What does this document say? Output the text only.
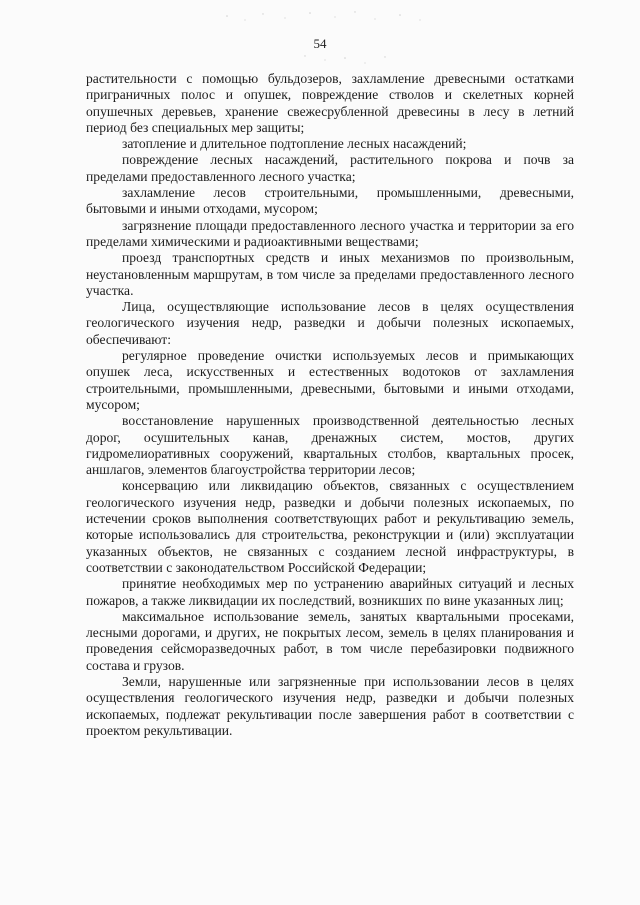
54

растительности с помощью бульдозеров, захламление древесными остатками приграничных полос и опушек, повреждение стволов и скелетных корней опушечных деревьев, хранение свежесрубленной древесины в лесу в летний период без специальных мер защиты;

затопление и длительное подтопление лесных насаждений;

повреждение лесных насаждений, растительного покрова и почв за пределами предоставленного лесного участка;

захламление лесов строительными, промышленными, древесными, бытовыми и иными отходами, мусором;

загрязнение площади предоставленного лесного участка и территории за его пределами химическими и радиоактивными веществами;

проезд транспортных средств и иных механизмов по произвольным, неустановленным маршрутам, в том числе за пределами предоставленного лесного участка.

Лица, осуществляющие использование лесов в целях осуществления геологического изучения недр, разведки и добычи полезных ископаемых, обеспечивают:

регулярное проведение очистки используемых лесов и примыкающих опушек леса, искусственных и естественных водотоков от захламления строительными, промышленными, древесными, бытовыми и иными отходами, мусором;

восстановление нарушенных производственной деятельностью лесных дорог, осушительных канав, дренажных систем, мостов, других гидромелиоративных сооружений, квартальных столбов, квартальных просек, аншлагов, элементов благоустройства территории лесов;

консервацию или ликвидацию объектов, связанных с осуществлением геологического изучения недр, разведки и добычи полезных ископаемых, по истечении сроков выполнения соответствующих работ и рекультивацию земель, которые использовались для строительства, реконструкции и (или) эксплуатации указанных объектов, не связанных с созданием лесной инфраструктуры, в соответствии с законодательством Российской Федерации;

принятие необходимых мер по устранению аварийных ситуаций и лесных пожаров, а также ликвидации их последствий, возникших по вине указанных лиц;

максимальное использование земель, занятых квартальными просеками, лесными дорогами, и других, не покрытых лесом, земель в целях планирования и проведения сейсморазведочных работ, в том числе перебазировки подвижного состава и грузов.

Земли, нарушенные или загрязненные при использовании лесов в целях осуществления геологического изучения недр, разведки и добычи полезных ископаемых, подлежат рекультивации после завершения работ в соответствии с проектом рекультивации.
